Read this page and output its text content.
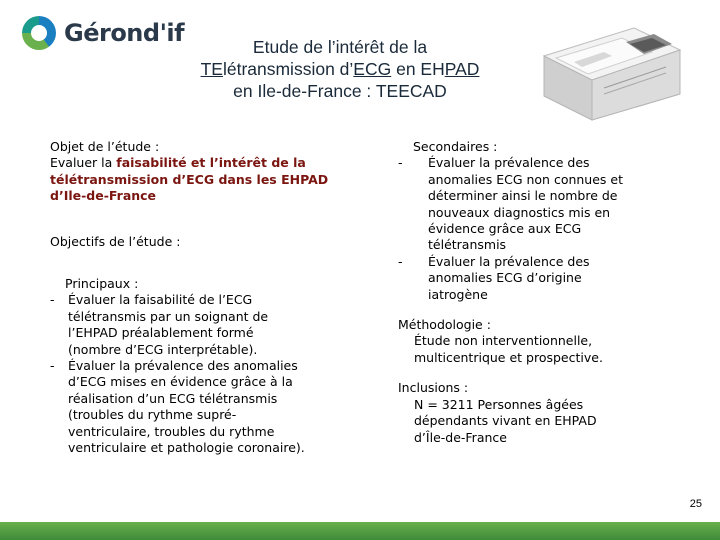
Gérond'if	Etude de l’intérêt de la
TElétransmission d’ECG en EHPAD
en Ile-de-France : TEECAD
Objet de l’étude :
Evaluer la faisabilité et l’intérêt de la
télétransmission d’ECG dans les EHPAD
d’Ile-de-France
Objectifs de l’étude :
Principaux :
-	Évaluer la faisabilité de l’ECG
télétransmis par un soignant de
l’EHPAD préalablement formé
(nombre d’ECG interprétable).
-	Évaluer la prévalence des anomalies
d’ECG mises en évidence grâce à la
réalisation d’un ECG télétransmis
(troubles du rythme supré-
ventriculaire, troubles du rythme
ventriculaire et pathologie coronaire).
Secondaires :
-	Évaluer la prévalence des
anomalies ECG non connues et
déterminer ainsi le nombre de
nouveaux diagnostics mis en
évidence grâce aux ECG
télétransmis
-	Évaluer la prévalence des
anomalies ECG d’origine
iatrogène
Méthodologie :
Étude non interventionnelle,
multicentrique et prospective.
Inclusions :
N = 3211 Personnes âgées
dépendants vivant en EHPAD
d’Île-de-France
25
